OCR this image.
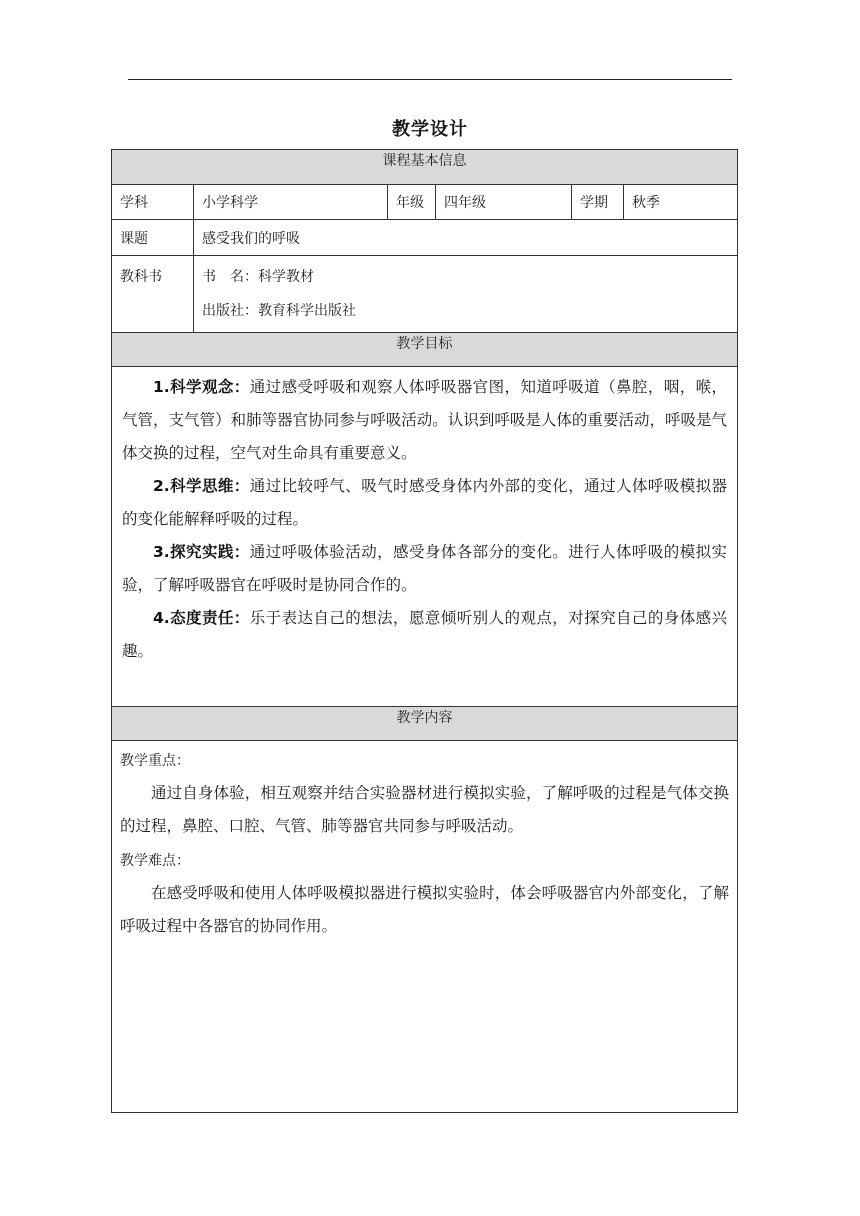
教学设计
课程基本信息					
学科	小学科学	年级	四年级	学期	秋季
课题	感受我们的呼吸				

教科书	书　名：科学教材
出版社：教育科学出版社				

教学目标					

1.科学观念：通过感受呼吸和观察人体呼吸器官图，知道呼吸道（鼻腔，咽，喉，气管，支气管）和肺等器官协同参与呼吸活动。认识到呼吸是人体的重要活动，呼吸是气体交换的过程，空气对生命具有重要意义。

2.科学思维：通过比较呼气、吸气时感受身体内外部的变化，通过人体呼吸模拟器的变化能解释呼吸的过程。

3.探究实践：通过呼吸体验活动，感受身体各部分的变化。进行人体呼吸的模拟实验，了解呼吸器官在呼吸时是协同合作的。

4.态度责任：乐于表达自己的想法，愿意倾听别人的观点，对探究自己的身体感兴趣。					

教学内容					

教学重点：

通过自身体验，相互观察并结合实验器材进行模拟实验，了解呼吸的过程是气体交换的过程，鼻腔、口腔、气管、肺等器官共同参与呼吸活动。

教学难点：

在感受呼吸和使用人体呼吸模拟器进行模拟实验时，体会呼吸器官内外部变化，了解呼吸过程中各器官的协同作用。					
